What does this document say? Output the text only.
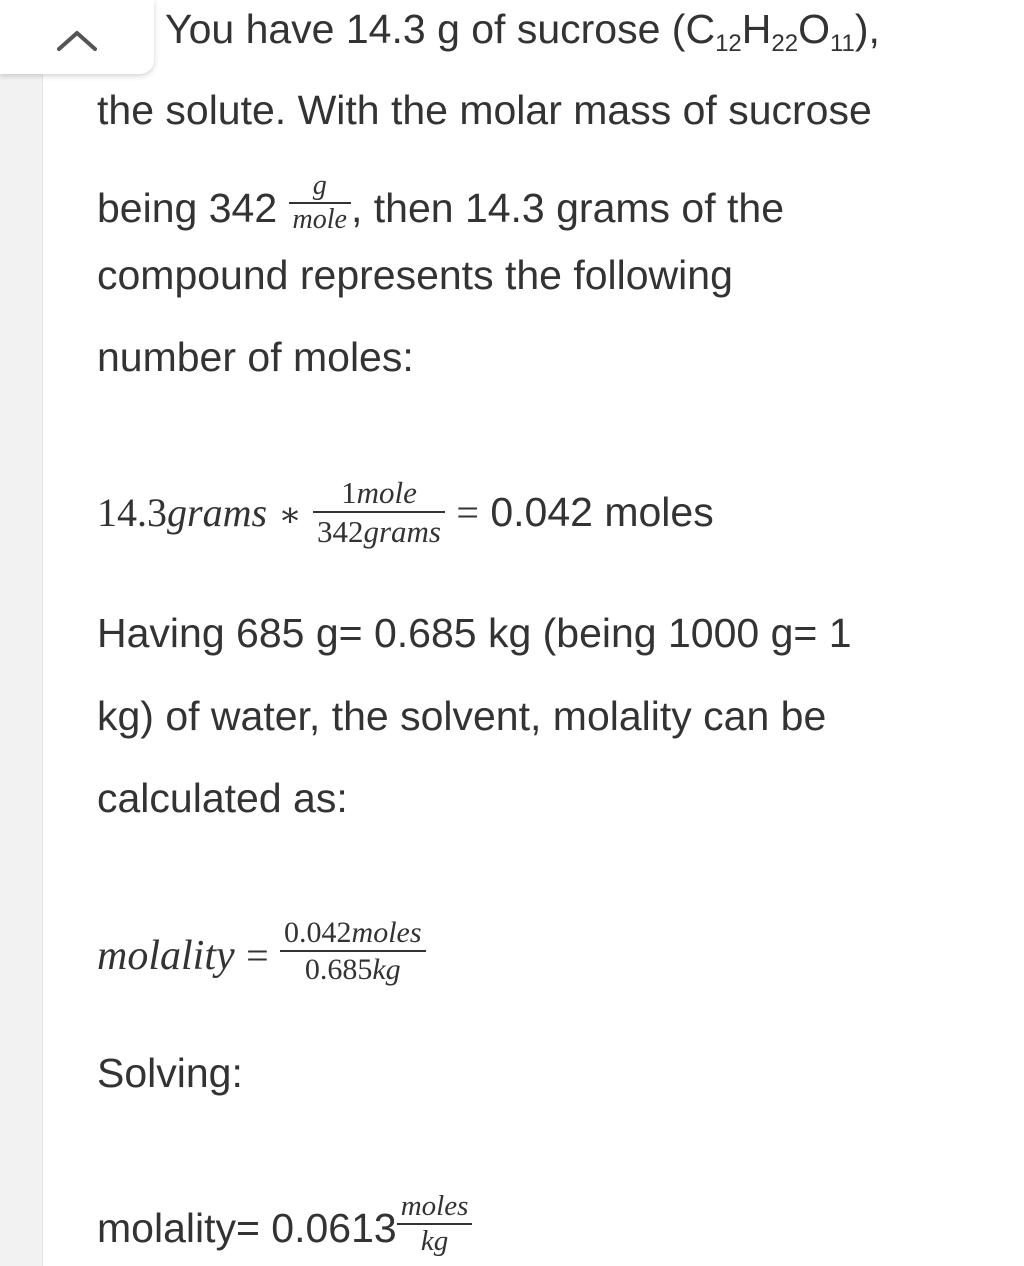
You have 14.3 g of sucrose $(C_{12}H_{22}O_{11})$,
the solute. With the molar mass of sucrose
being $342 \frac{g}{\text{mole}}$ , then 14.3 grams of the
compound represents the following
number of moles:
14.3grams ∗ $\frac{\text{1mole}}{\text{342grams}} = 0.042$ moles
Having 685 g= 0.685 kg (being 1000 g= 1
kg) of water, the solvent, molality can be
calculated as:
molality = $\frac{\text{0.042moles}}{0.685kg}$
Solving:
molality= $0.0613 \frac{\text{moles}}{kg}$
